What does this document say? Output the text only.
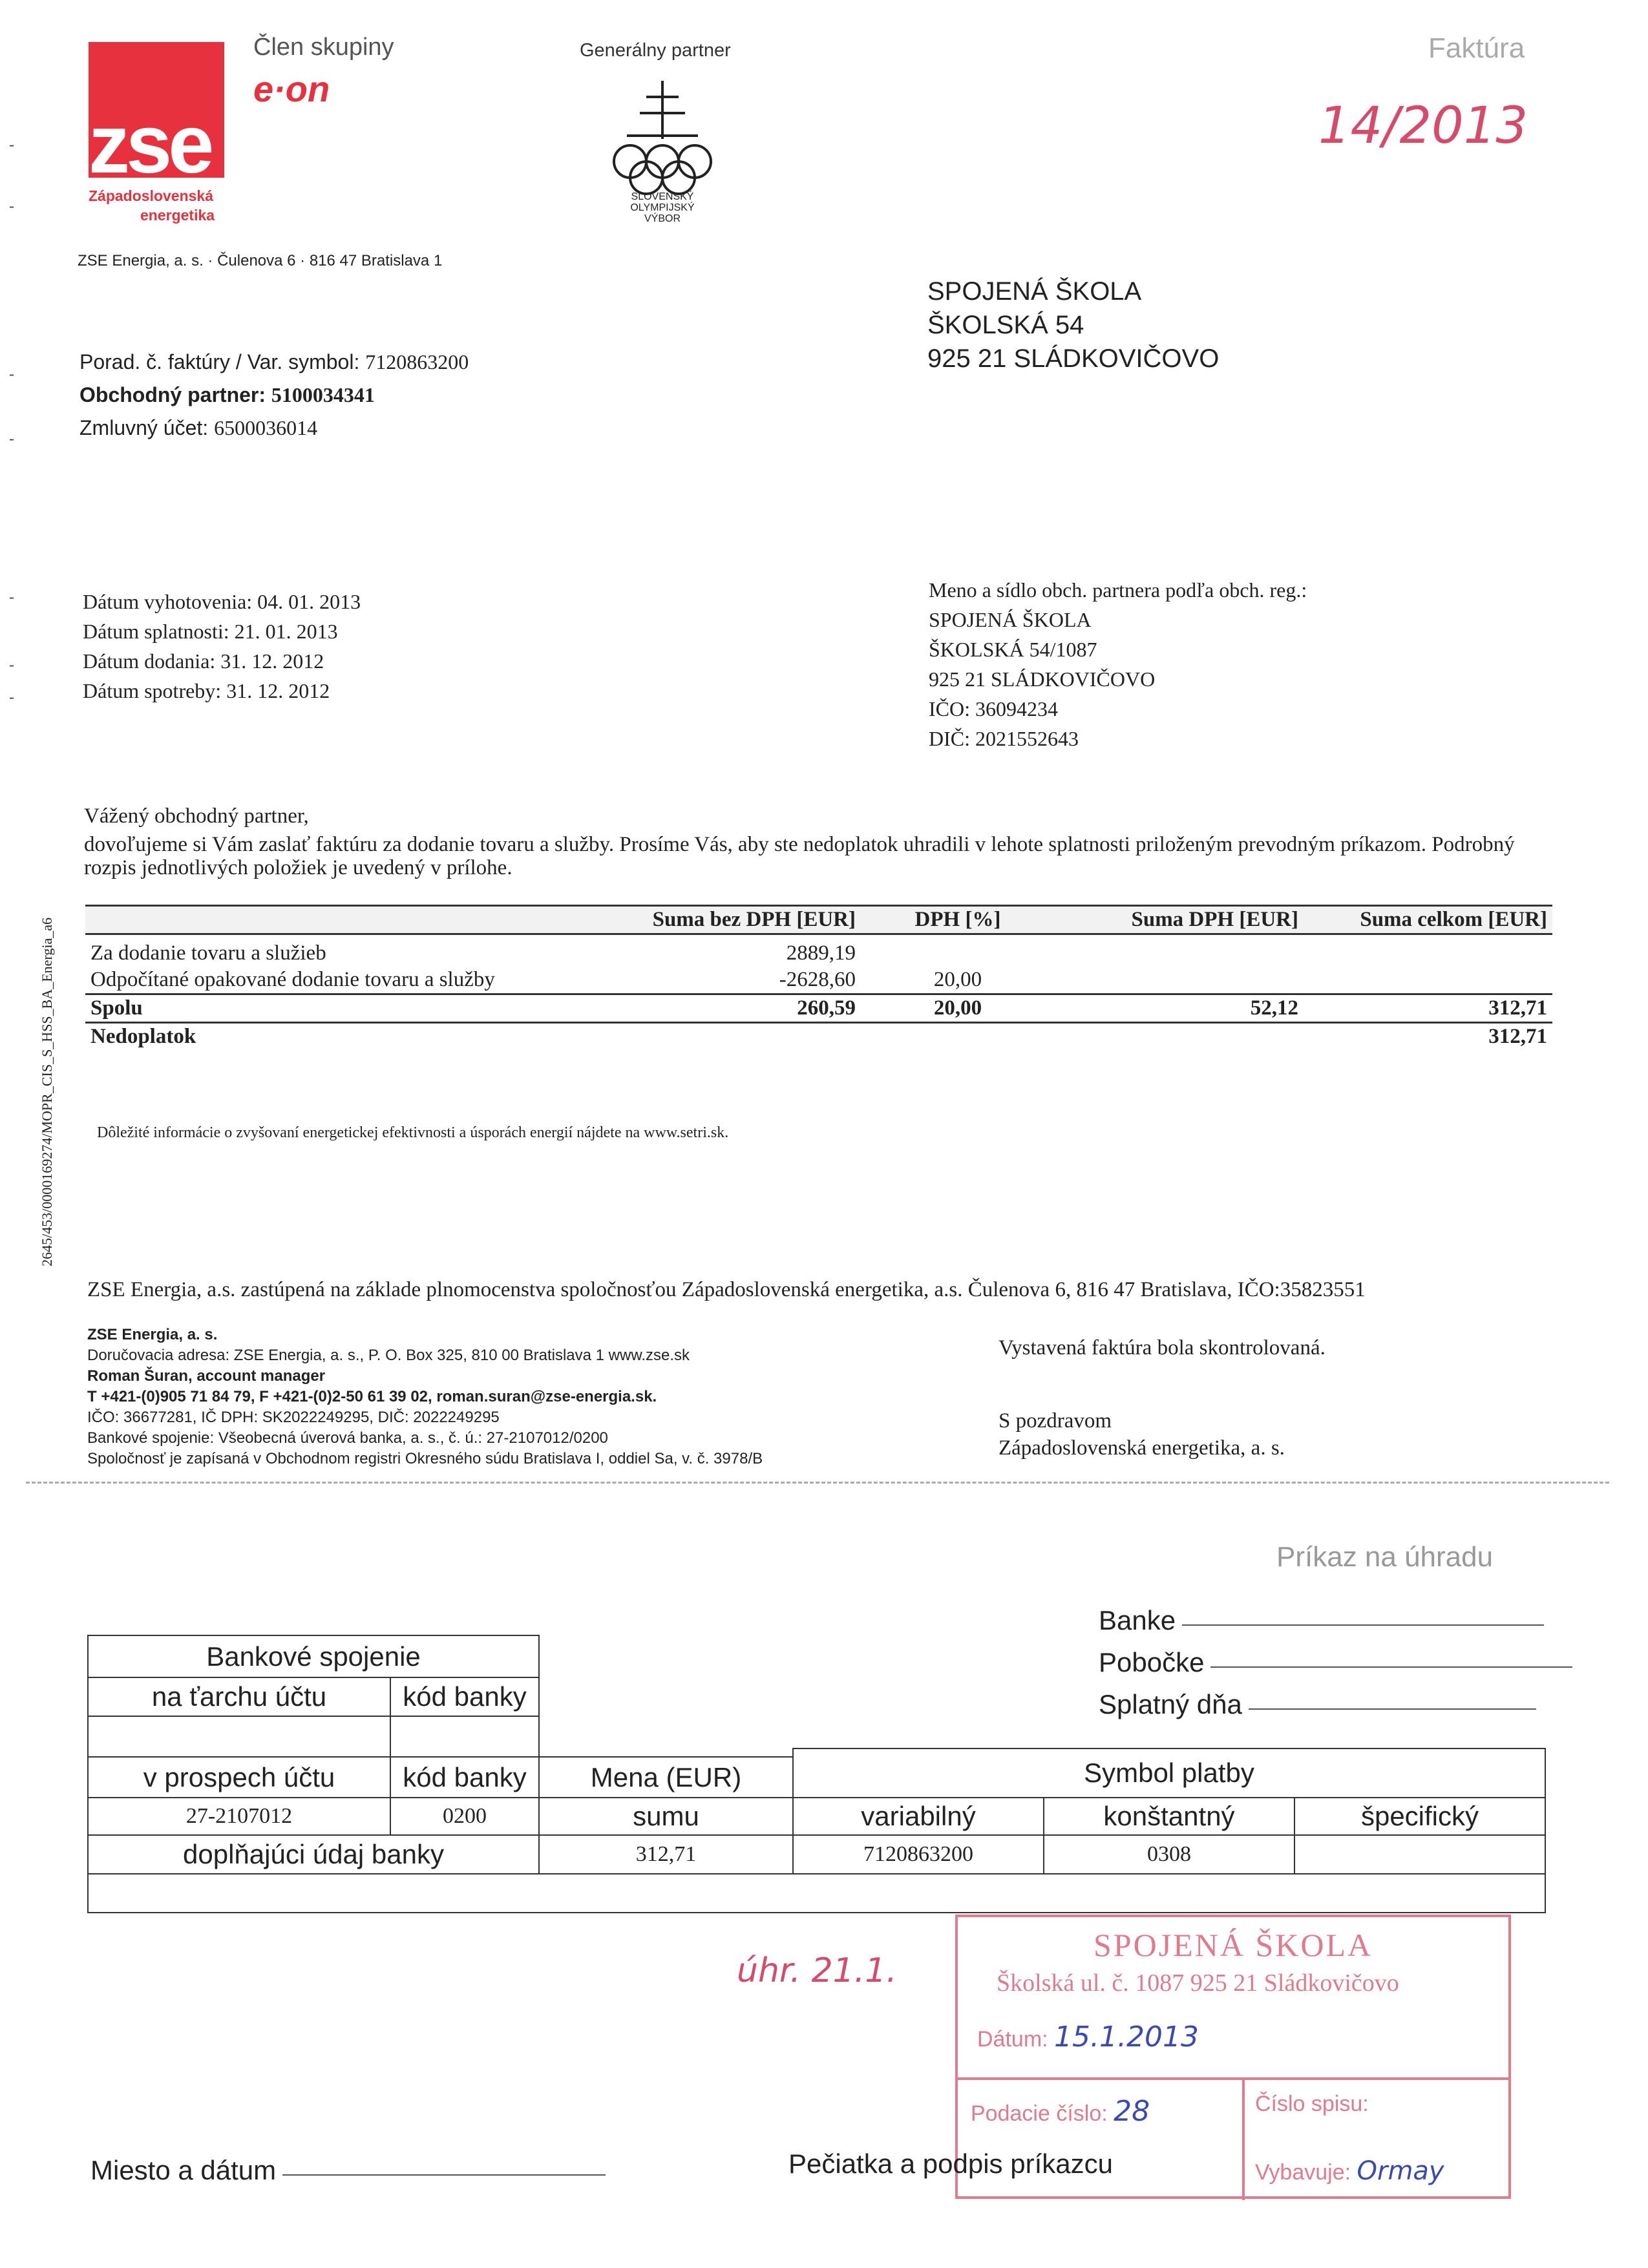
-
-
-
-
-
-
-
zse
Západoslovenská
energetika
Člen skupiny
e·on
Generálny partner
SLOVENSKÝ
OLYMPIJSKÝ
VÝBOR
Faktúra
14/2013
ZSE Energia, a. s. · Čulenova 6 · 816 47 Bratislava 1
SPOJENÁ ŠKOLA
ŠKOLSKÁ 54
925 21 SLÁDKOVIČOVO
Porad. č. faktúry / Var. symbol: 7120863200
Obchodný partner: 5100034341
Zmluvný účet: 6500036014
Dátum vyhotovenia: 04. 01. 2013
Dátum splatnosti: 21. 01. 2013
Dátum dodania: 31. 12. 2012
Dátum spotreby: 31. 12. 2012
Meno a sídlo obch. partnera podľa obch. reg.:
SPOJENÁ ŠKOLA
ŠKOLSKÁ 54/1087
925 21 SLÁDKOVIČOVO
IČO: 36094234
DIČ: 2021552643
Vážený obchodný partner,
dovoľujeme si Vám zaslať faktúru za dodanie tovaru a služby. Prosíme Vás, aby ste nedoplatok uhradili v lehote splatnosti priloženým prevodným príkazom. Podrobný rozpis jednotlivých položiek je uvedený v prílohe.
2645/453/0000169274/MOPR_CIS_S_HSS_BA_Energia_a6
		Suma bez DPH [EUR]	DPH [%]	Suma DPH [EUR]	Suma celkom [EUR]
Za dodanie tovaru a služieb	2889,19			
Odpočítané opakované dodanie tovaru a služby	-2628,60	20,00		
Spolu	260,59	20,00	52,12	312,71
Nedoplatok				312,71
Dôležité informácie o zvyšovaní energetickej efektivnosti a úsporách energií nájdete na www.setri.sk.
ZSE Energia, a.s. zastúpená na základe plnomocenstva spoločnosťou Západoslovenská energetika, a.s. Čulenova 6, 816 47 Bratislava, IČO:35823551
ZSE Energia, a. s.
Doručovacia adresa: ZSE Energia, a. s., P. O. Box 325, 810 00 Bratislava 1 www.zse.sk
Roman Šuran, account manager
T +421-(0)905 71 84 79, F +421-(0)2-50 61 39 02, roman.suran@zse-energia.sk.
IČO: 36677281, IČ DPH: SK2022249295, DIČ: 2022249295
Bankové spojenie: Všeobecná úverová banka, a. s., č. ú.: 27-2107012/0200
Spoločnosť je zapísaná v Obchodnom registri Okresného súdu Bratislava I, oddiel Sa, v. č. 3978/B
Vystavená faktúra bola skontrolovaná.
S pozdravom
Západoslovenská energetika, a. s.
Príkaz na úhradu
Banke
Pobočke
Splatný dňa
Bankové spojenie
na ťarchu účtu	kód banky
v prospech účtu	kód banky	Mena (EUR)	Symbol platby
27-2107012	0200	sumu	variabilný	konštantný	špecifický
doplňajúci údaj banky	312,71	7120863200	0308
úhr. 21.1.
SPOJENÁ ŠKOLA
Školská ul. č. 1087 925 21 Sládkovičovo
Dátum: 15.1.2013
Podacie číslo: 28	Číslo spisu:
Vybavuje: Ormay
Miesto a dátum	Pečiatka a podpis príkazcu
